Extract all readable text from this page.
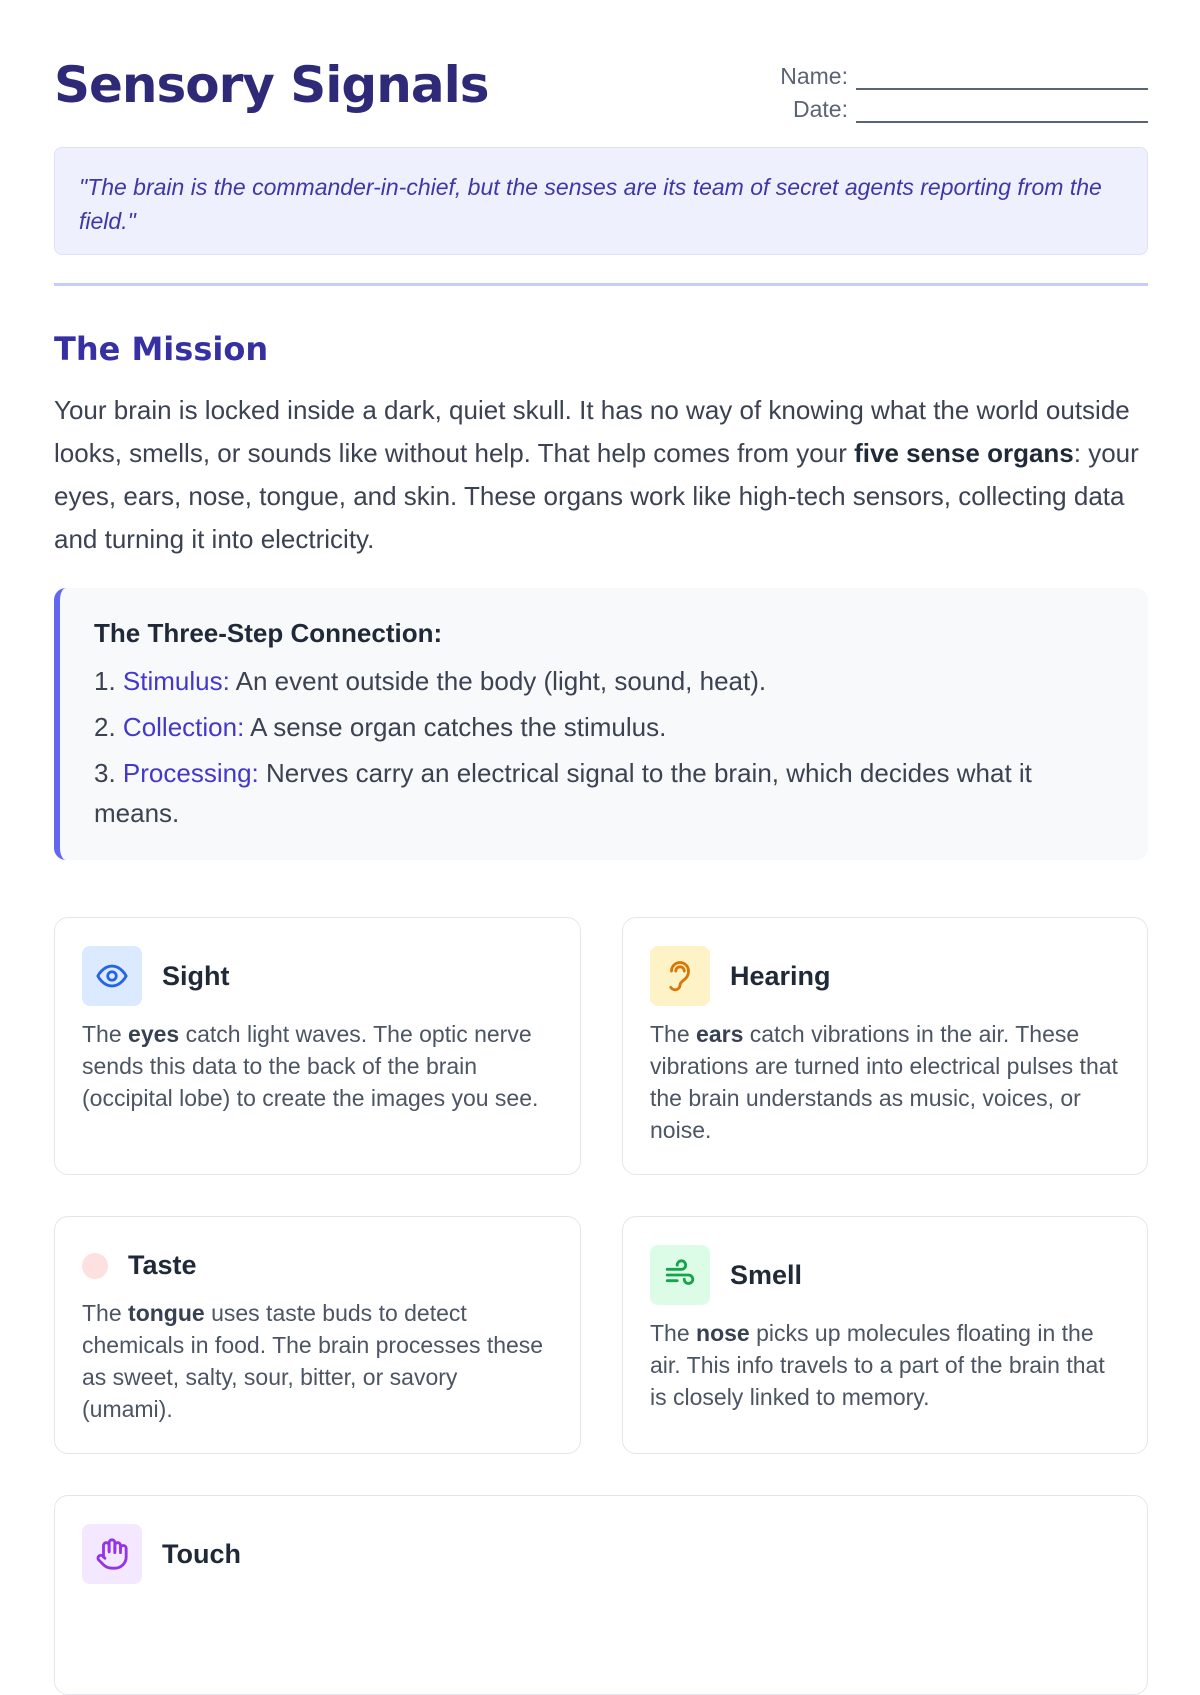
Sensory Signals	Name:
Date:
"The brain is the commander-in-chief, but the senses are its team of secret agents reporting from the field."
The Mission
Your brain is locked inside a dark, quiet skull. It has no way of knowing what the world outside looks, smells, or sounds like without help. That help comes from your five sense organs: your eyes, ears, nose, tongue, and skin. These organs work like high-tech sensors, collecting data and turning it into electricity.
The Three-Step Connection:
1. Stimulus: An event outside the body (light, sound, heat).
2. Collection: A sense organ catches the stimulus.
3. Processing: Nerves carry an electrical signal to the brain, which decides what it means.
Sight
The eyes catch light waves. The optic nerve sends this data to the back of the brain (occipital lobe) to create the images you see.
Hearing
The ears catch vibrations in the air. These vibrations are turned into electrical pulses that the brain understands as music, voices, or noise.
Taste
The tongue uses taste buds to detect chemicals in food. The brain processes these as sweet, salty, sour, bitter, or savory (umami).
Smell
The nose picks up molecules floating in the air. This info travels to a part of the brain that is closely linked to memory.
Touch
